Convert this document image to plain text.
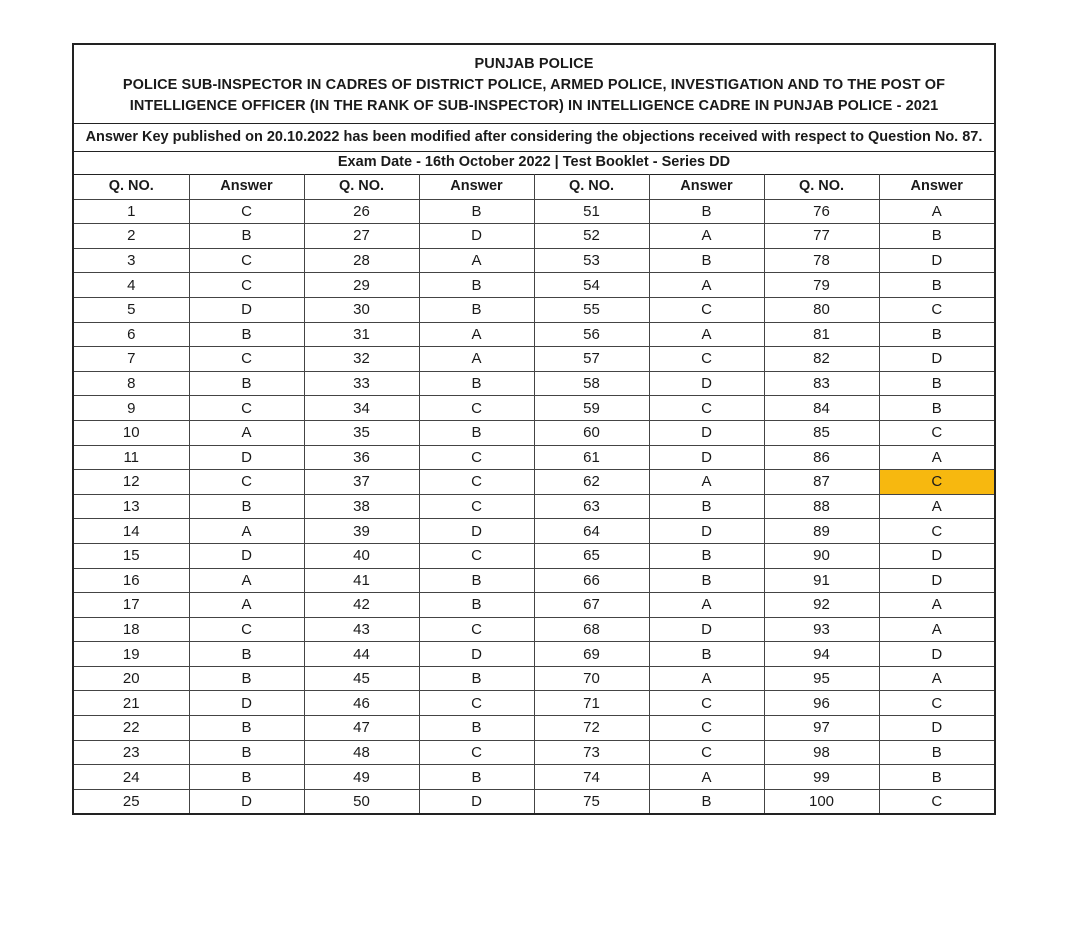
PUNJAB POLICE
POLICE SUB-INSPECTOR IN CADRES OF DISTRICT POLICE, ARMED POLICE, INVESTIGATION AND TO THE POST OF
INTELLIGENCE OFFICER (IN THE RANK OF SUB-INSPECTOR) IN INTELLIGENCE CADRE IN PUNJAB POLICE - 2021
Answer Key published on 20.10.2022 has been modified after considering the objections received with respect to Question No. 87.
Exam Date - 16th October 2022 | Test Booklet - Series DD
Q. NO.	Answer	Q. NO.	Answer	Q. NO.	Answer	Q. NO.	Answer
1	C	26	B	51	B	76	A
2	B	27	D	52	A	77	B
3	C	28	A	53	B	78	D
4	C	29	B	54	A	79	B
5	D	30	B	55	C	80	C
6	B	31	A	56	A	81	B
7	C	32	A	57	C	82	D
8	B	33	B	58	D	83	B
9	C	34	C	59	C	84	B
10	A	35	B	60	D	85	C
11	D	36	C	61	D	86	A
12	C	37	C	62	A	87	C
13	B	38	C	63	B	88	A
14	A	39	D	64	D	89	C
15	D	40	C	65	B	90	D
16	A	41	B	66	B	91	D
17	A	42	B	67	A	92	A
18	C	43	C	68	D	93	A
19	B	44	D	69	B	94	D
20	B	45	B	70	A	95	A
21	D	46	C	71	C	96	C
22	B	47	B	72	C	97	D
23	B	48	C	73	C	98	B
24	B	49	B	74	A	99	B
25	D	50	D	75	B	100	C
